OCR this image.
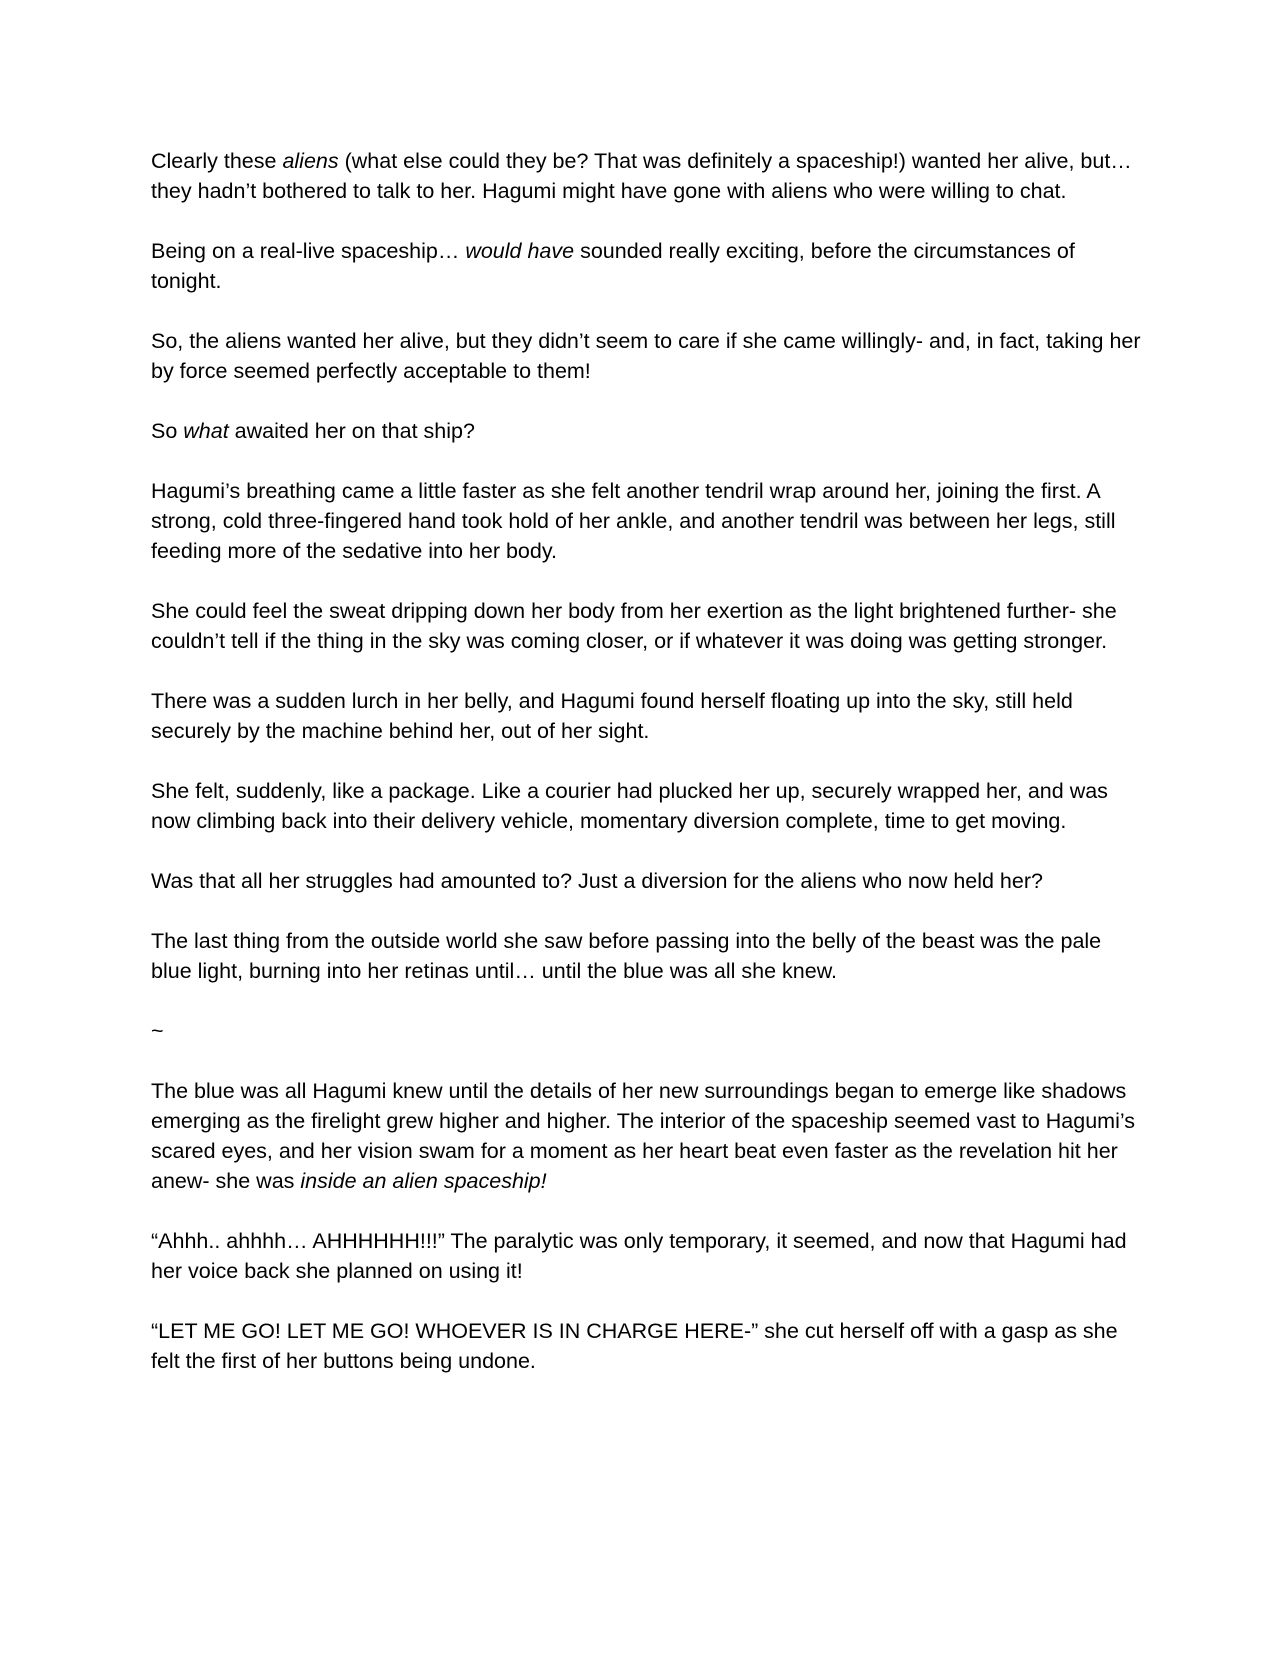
Clearly these aliens (what else could they be? That was definitely a spaceship!) wanted her alive, but… they hadn’t bothered to talk to her. Hagumi might have gone with aliens who were willing to chat.

Being on a real-live spaceship… would have sounded really exciting, before the circumstances of tonight.

So, the aliens wanted her alive, but they didn’t seem to care if she came willingly- and, in fact, taking her by force seemed perfectly acceptable to them!

So what awaited her on that ship?

Hagumi’s breathing came a little faster as she felt another tendril wrap around her, joining the first. A strong, cold three-fingered hand took hold of her ankle, and another tendril was between her legs, still feeding more of the sedative into her body.

She could feel the sweat dripping down her body from her exertion as the light brightened further- she couldn’t tell if the thing in the sky was coming closer, or if whatever it was doing was getting stronger.

There was a sudden lurch in her belly, and Hagumi found herself floating up into the sky, still held securely by the machine behind her, out of her sight.

She felt, suddenly, like a package. Like a courier had plucked her up, securely wrapped her, and was now climbing back into their delivery vehicle, momentary diversion complete, time to get moving.

Was that all her struggles had amounted to? Just a diversion for the aliens who now held her?

The last thing from the outside world she saw before passing into the belly of the beast was the pale blue light, burning into her retinas until… until the blue was all she knew.

~

The blue was all Hagumi knew until the details of her new surroundings began to emerge like shadows emerging as the firelight grew higher and higher. The interior of the spaceship seemed vast to Hagumi’s scared eyes, and her vision swam for a moment as her heart beat even faster as the revelation hit her anew- she was inside an alien spaceship!

“Ahhh.. ahhhh… AHHHHHH!!!” The paralytic was only temporary, it seemed, and now that Hagumi had her voice back she planned on using it!

“LET ME GO! LET ME GO! WHOEVER IS IN CHARGE HERE-” she cut herself off with a gasp as she felt the first of her buttons being undone.
